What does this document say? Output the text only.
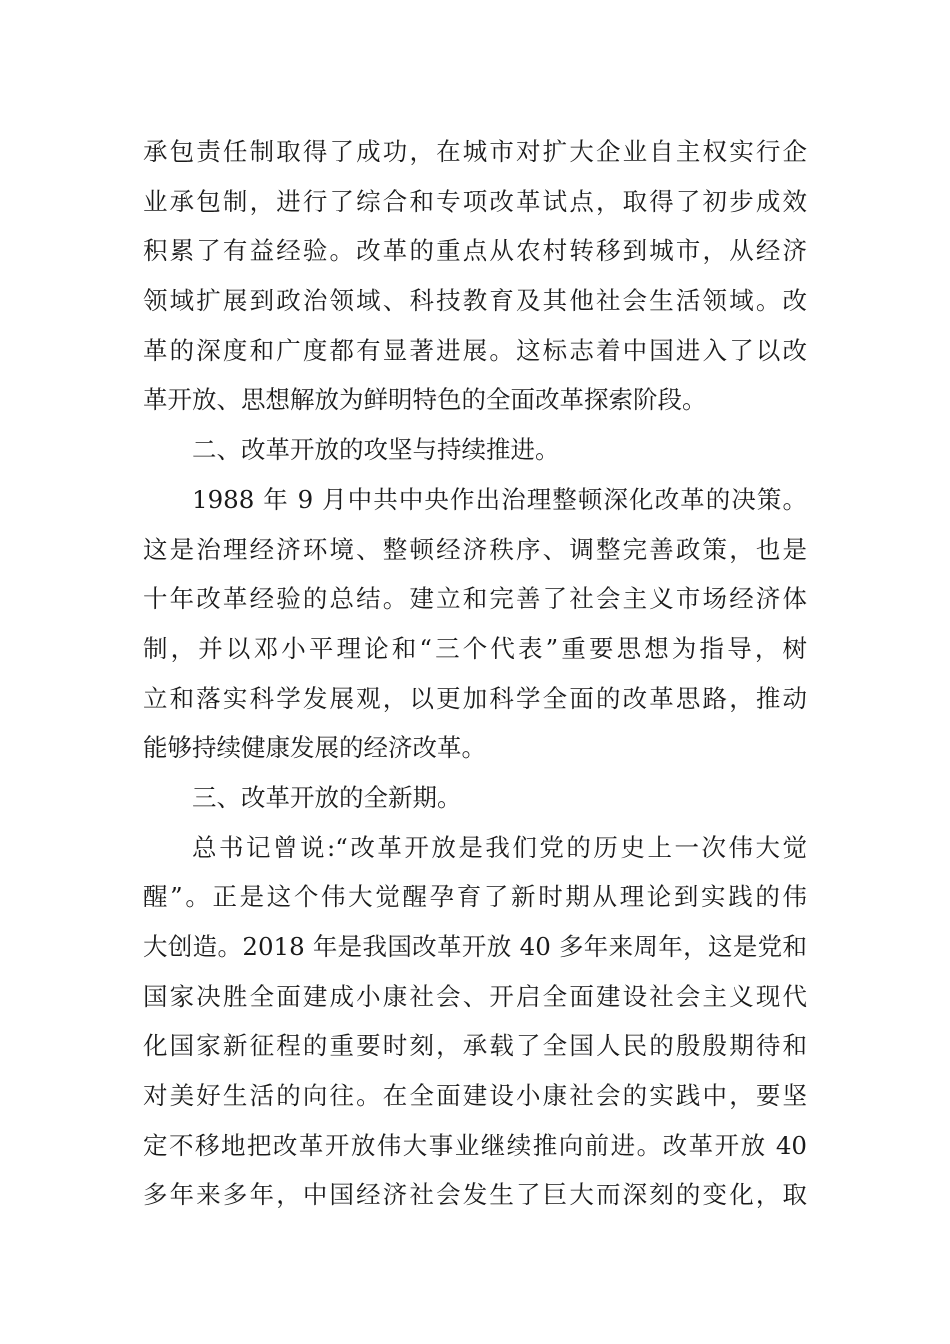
承包责任制取得了成功，在城市对扩大企业自主权实行企
业承包制，进行了综合和专项改革试点，取得了初步成效
积累了有益经验。改革的重点从农村转移到城市，从经济
领域扩展到政治领域、科技教育及其他社会生活领域。改
革的深度和广度都有显著进展。这标志着中国进入了以改
革开放、思想解放为鲜明特色的全面改革探索阶段。
二、改革开放的攻坚与持续推进。
1988 年 9 月中共中央作出治理整顿深化改革的决策。
这是治理经济环境、整顿经济秩序、调整完善政策，也是
十年改革经验的总结。建立和完善了社会主义市场经济体
制，并以邓小平理论和“三个代表”重要思想为指导，树
立和落实科学发展观，以更加科学全面的改革思路，推动
能够持续健康发展的经济改革。
三、改革开放的全新期。
总书记曾说:“改革开放是我们党的历史上一次伟大觉
醒”。正是这个伟大觉醒孕育了新时期从理论到实践的伟
大创造。2018 年是我国改革开放 40 多年来周年，这是党和
国家决胜全面建成小康社会、开启全面建设社会主义现代
化国家新征程的重要时刻，承载了全国人民的殷殷期待和
对美好生活的向往。在全面建设小康社会的实践中，要坚
定不移地把改革开放伟大事业继续推向前进。改革开放 40
多年来多年，中国经济社会发生了巨大而深刻的变化，取
